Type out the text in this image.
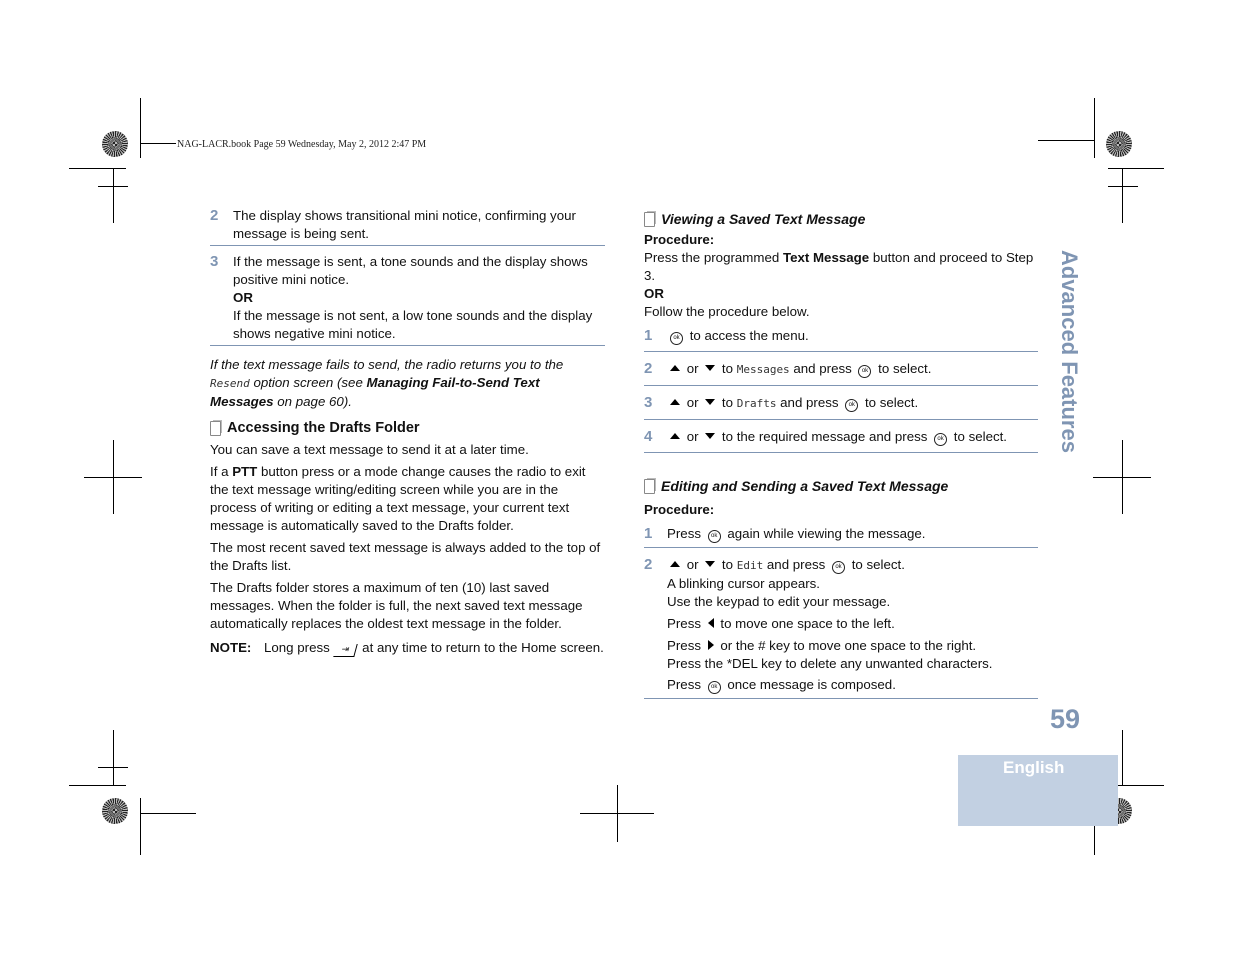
NAG-LACR.book Page 59 Wednesday, May 2, 2012 2:47 PM
2 The display shows transitional mini notice, confirming your message is being sent.
3 If the message is sent, a tone sounds and the display shows positive mini notice.
OR
If the message is not sent, a low tone sounds and the display shows negative mini notice.
If the text message fails to send, the radio returns you to the Resend option screen (see Managing Fail-to-Send Text Messages on page 60).
Accessing the Drafts Folder

You can save a text message to send it at a later time.

If a PTT button press or a mode change causes the radio to exit the text message writing/editing screen while you are in the process of writing or editing a text message, your current text message is automatically saved to the Drafts folder.

The most recent saved text message is always added to the top of the Drafts list.

The Drafts folder stores a maximum of ten (10) last saved messages. When the folder is full, the next saved text message automatically replaces the oldest text message in the folder.

NOTE: Long press ⇥ at any time to return to the Home screen.
Viewing a Saved Text Message
Procedure:
Press the programmed Text Message button and proceed to Step 3.
OR
Follow the procedure below.
1	ok to access the menu.
2 or  to Messages and press ok to select.
3 or  to Drafts and press ok to select.
4 or  to the required message and press ok to select.
Editing and Sending a Saved Text Message
Procedure:
1 Press ok again while viewing the message.
2	or  to Edit and press ok to select.
A blinking cursor appears.
Use the keypad to edit your message.
Press  to move one space to the left.
Press  or the # key to move one space to the right.
Press the *DEL key to delete any unwanted characters.
Press ok once message is composed.
Advanced Features
59
English
